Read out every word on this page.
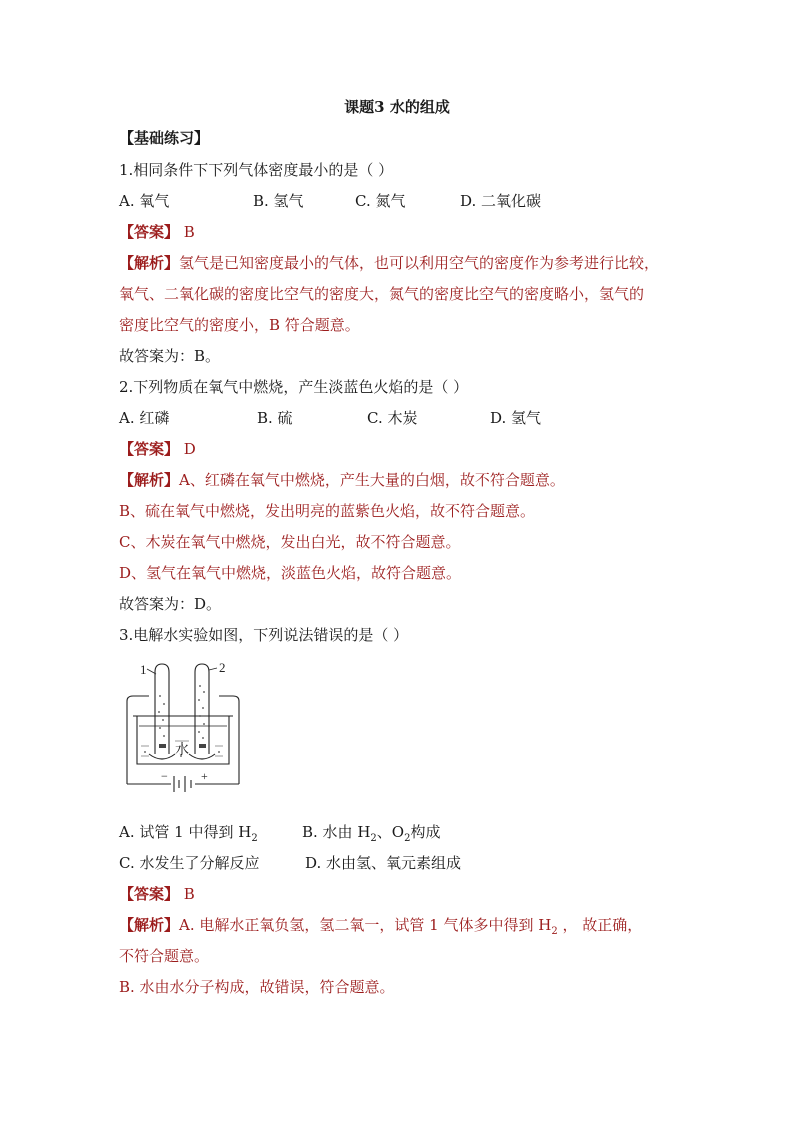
课题3 水的组成
【基础练习】
1.相同条件下下列气体密度最小的是（ ）
A. 氧气	B. 氢气	C. 氮气	D. 二氧化碳
【答案】 B
【解析】氢气是已知密度最小的气体，也可以利用空气的密度作为参考进行比较，
氧气、二氧化碳的密度比空气的密度大，氮气的密度比空气的密度略小，氢气的
密度比空气的密度小，B 符合题意。
故答案为：B。
2.下列物质在氧气中燃烧，产生淡蓝色火焰的是（ ）
A. 红磷	B. 硫	C. 木炭	D. 氢气
【答案】 D
【解析】A、红磷在氧气中燃烧，产生大量的白烟，故不符合题意。
B、硫在氧气中燃烧，发出明亮的蓝紫色火焰，故不符合题意。
C、木炭在氧气中燃烧，发出白光，故不符合题意。
D、氢气在氧气中燃烧，淡蓝色火焰，故符合题意。
故答案为：D。
3.电解水实验如图，下列说法错误的是（ ）
1	2
水
−	+
A. 试管 1 中得到 $H_2$	B. 水由 $H_2$、$O_2$构成
C. 水发生了分解反应	D. 水由氢、氧元素组成
【答案】 B
【解析】A. 电解水正氧负氢，氢二氧一，试管 1 气体多中得到 $H_2$ ， 故正确，
不符合题意。
B. 水由水分子构成，故错误，符合题意。
